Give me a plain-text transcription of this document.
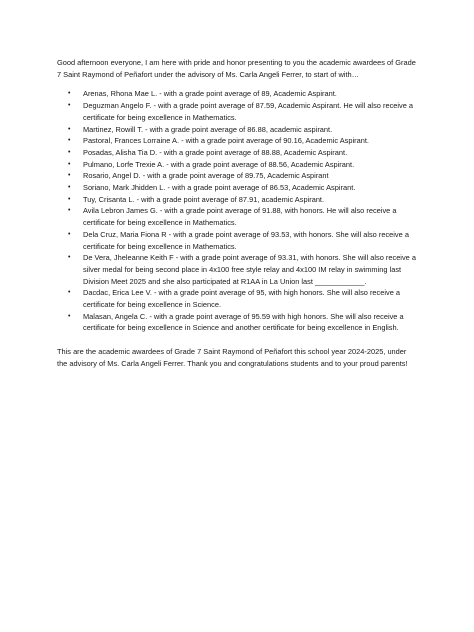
Good afternoon everyone, I am here with pride and honor presenting to you the academic awardees of Grade 7 Saint Raymond of Peñafort under the advisory of Ms. Carla Angeli Ferrer, to start of with…

• Arenas, Rhona Mae L. - with a grade point average of 89, Academic Aspirant.
• Deguzman Angelo F. - with a grade point average of 87.59, Academic Aspirant. He will also receive a certificate for being excellence in Mathematics.
• Martinez, Rowill T. - with a grade point average of 86.88, academic aspirant.
• Pastoral, Frances Lorraine A. - with a grade point average of 90.16, Academic Aspirant.
• Posadas, Alisha Tia D. - with a grade point average of 88.88, Academic Aspirant.
• Pulmano, Lorfe Trexie A. - with a grade point average of 88.56, Academic Aspirant.
• Rosario, Angel D. - with a grade point average of 89.75, Academic Aspirant
• Soriano, Mark Jhidden L. - with a grade point average of 86.53, Academic Aspirant.
• Tuy, Crisanta L. - with a grade point average of 87.91, academic Aspirant.
• Avila Lebron James G. - with a grade point average of 91.88, with honors. He will also receive a certificate for being excellence in Mathematics.
• Dela Cruz, Maria Fiona R - with a grade point average of 93.53, with honors. She will also receive a certificate for being excellence in Mathematics.
• De Vera, Jheleanne Keith F - with a grade point average of 93.31, with honors. She will also receive a silver medal for being second place in 4x100 free style relay and 4x100 IM relay in swimming last Division Meet 2025 and she also participated at R1AA in La Union last ____________.
• Dacdac, Erica Lee V. - with a grade point average of 95, with high honors. She will also receive a certificate for being excellence in Science.
• Malasan, Angela C. - with a grade point average of 95.59 with high honors. She will also receive a certificate for being excellence in Science and another certificate for being excellence in English.

This are the academic awardees of Grade 7 Saint Raymond of Peñafort this school year 2024-2025, under the advisory of Ms. Carla Angeli Ferrer. Thank you and congratulations students and to your proud parents!
